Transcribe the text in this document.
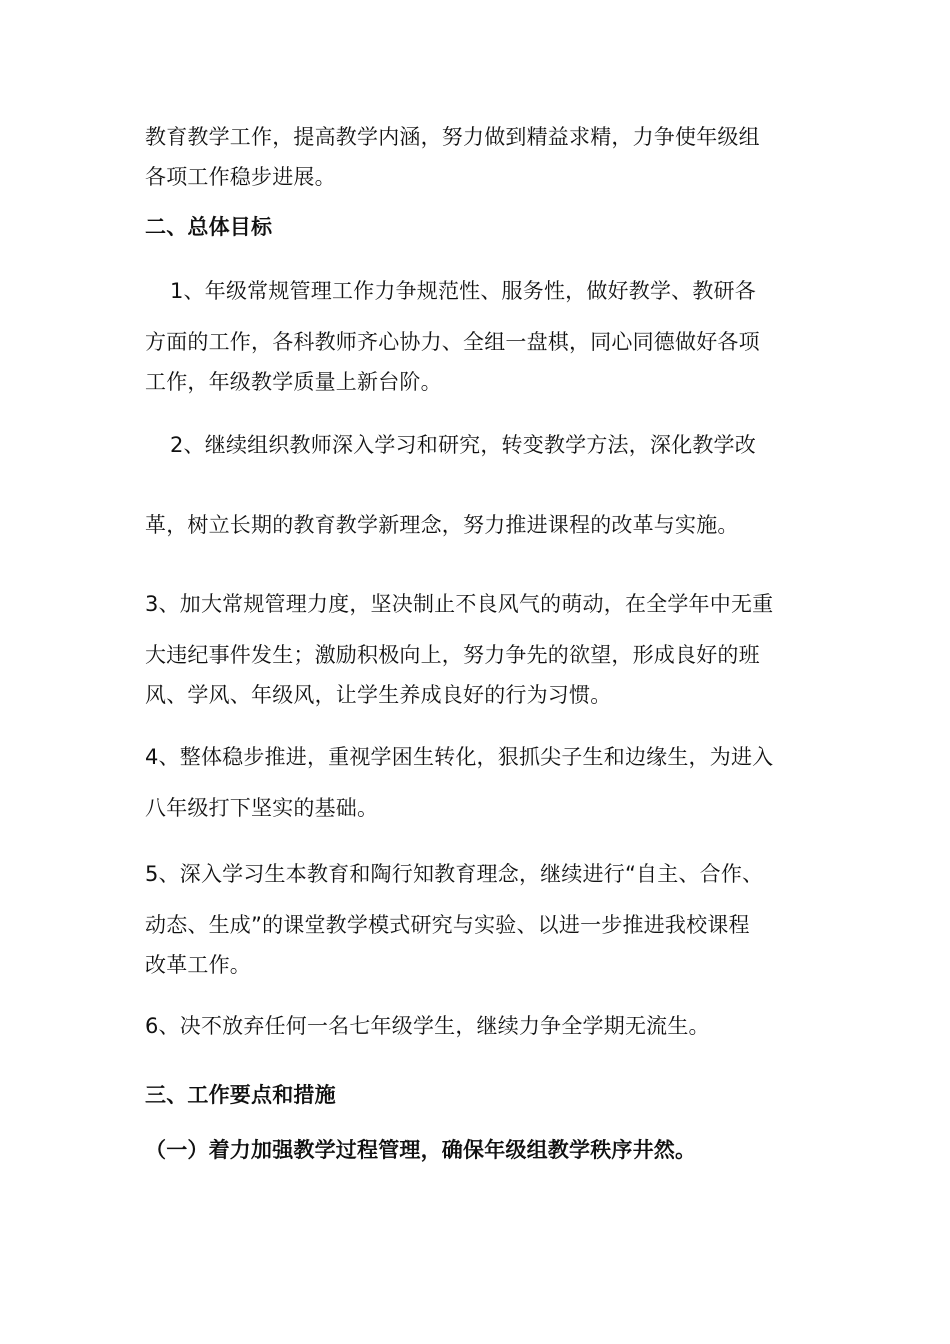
教育教学工作，提高教学内涵，努力做到精益求精，力争使年级组
各项工作稳步进展。
二、总体目标
1、年级常规管理工作力争规范性、服务性，做好教学、教研各
方面的工作，各科教师齐心协力、全组一盘棋，同心同德做好各项
工作，年级教学质量上新台阶。
2、继续组织教师深入学习和研究，转变教学方法，深化教学改
革，树立长期的教育教学新理念，努力推进课程的改革与实施。
3、加大常规管理力度，坚决制止不良风气的萌动，在全学年中无重
大违纪事件发生；激励积极向上，努力争先的欲望，形成良好的班
风、学风、年级风，让学生养成良好的行为习惯。
4、整体稳步推进，重视学困生转化，狠抓尖子生和边缘生，为进入
八年级打下坚实的基础。
5、深入学习生本教育和陶行知教育理念，继续进行“自主、合作、
动态、生成”的课堂教学模式研究与实验、以进一步推进我校课程
改革工作。
6、决不放弃任何一名七年级学生，继续力争全学期无流生。
三、工作要点和措施
（一）着力加强教学过程管理，确保年级组教学秩序井然。
